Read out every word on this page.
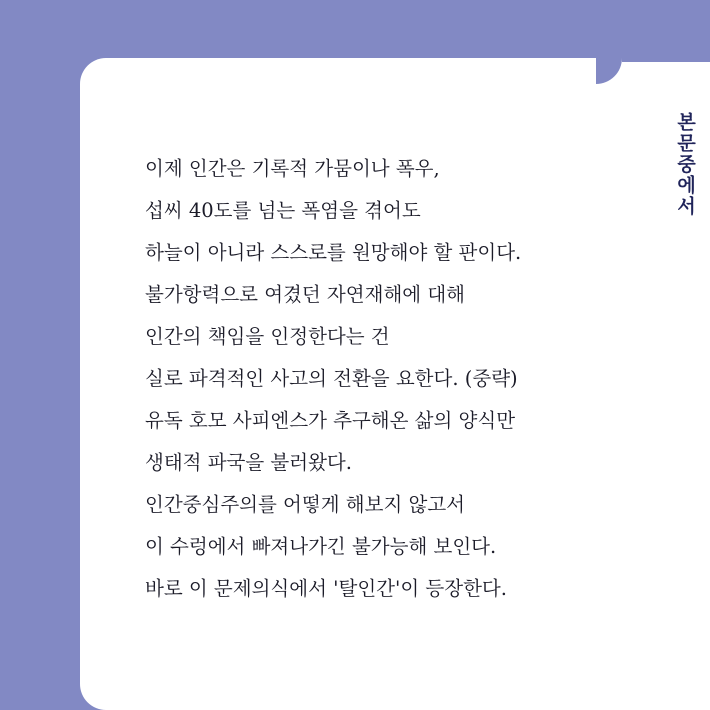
본문중에서
이제 인간은 기록적 가뭄이나 폭우,
섭씨 40도를 넘는 폭염을 겪어도
하늘이 아니라 스스로를 원망해야 할 판이다.
불가항력으로 여겼던 자연재해에 대해
인간의 책임을 인정한다는 건
실로 파격적인 사고의 전환을 요한다. (중략)
유독 호모 사피엔스가 추구해온 삶의 양식만
생태적 파국을 불러왔다.
인간중심주의를 어떻게 해보지 않고서
이 수렁에서 빠져나가긴 불가능해 보인다.
바로 이 문제의식에서 '탈인간'이 등장한다.
